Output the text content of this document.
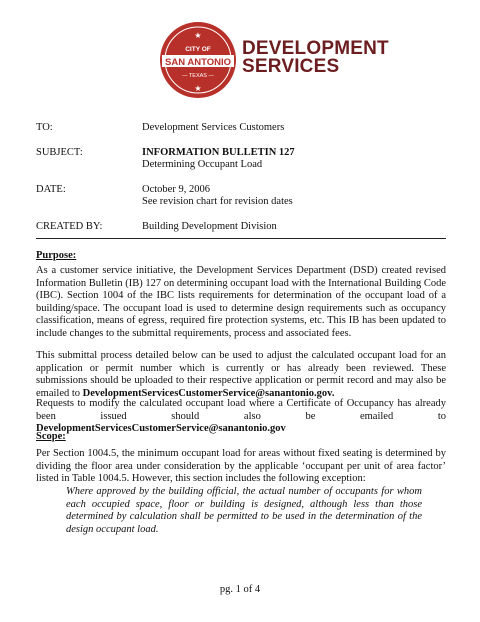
★
CITY OF
SAN ANTONIO
— TEXAS —
★
DEVELOPMENT
SERVICES
TO:	Development Services Customers
SUBJECT:	INFORMATION BULLETIN 127
Determining Occupant Load
DATE:	October 9, 2006
See revision chart for revision dates
CREATED BY:	Building Development Division
Purpose:
As a customer service initiative, the Development Services Department (DSD) created revised Information Bulletin (IB) 127 on determining occupant load with the International Building Code (IBC). Section 1004 of the IBC lists requirements for determination of the occupant load of a building/space. The occupant load is used to determine design requirements such as occupancy classification, means of egress, required fire protection systems, etc. This IB has been updated to include changes to the submittal requirements, process and associated fees.
This submittal process detailed below can be used to adjust the calculated occupant load for an application or permit number which is currently or has already been reviewed. These submissions should be uploaded to their respective application or permit record and may also be emailed to DevelopmentServicesCustomerService@sanantonio.gov.
Requests to modify the calculated occupant load where a Certificate of Occupancy has already been issued should also be emailed to DevelopmentServicesCustomerService@sanantonio.gov
Scope:
Per Section 1004.5, the minimum occupant load for areas without fixed seating is determined by dividing the floor area under consideration by the applicable ‘occupant per unit of area factor’ listed in Table 1004.5. However, this section includes the following exception:
Where approved by the building official, the actual number of occupants for whom each occupied space, floor or building is designed, although less than those determined by calculation shall be permitted to be used in the determination of the design occupant load.
pg. 1 of 4
